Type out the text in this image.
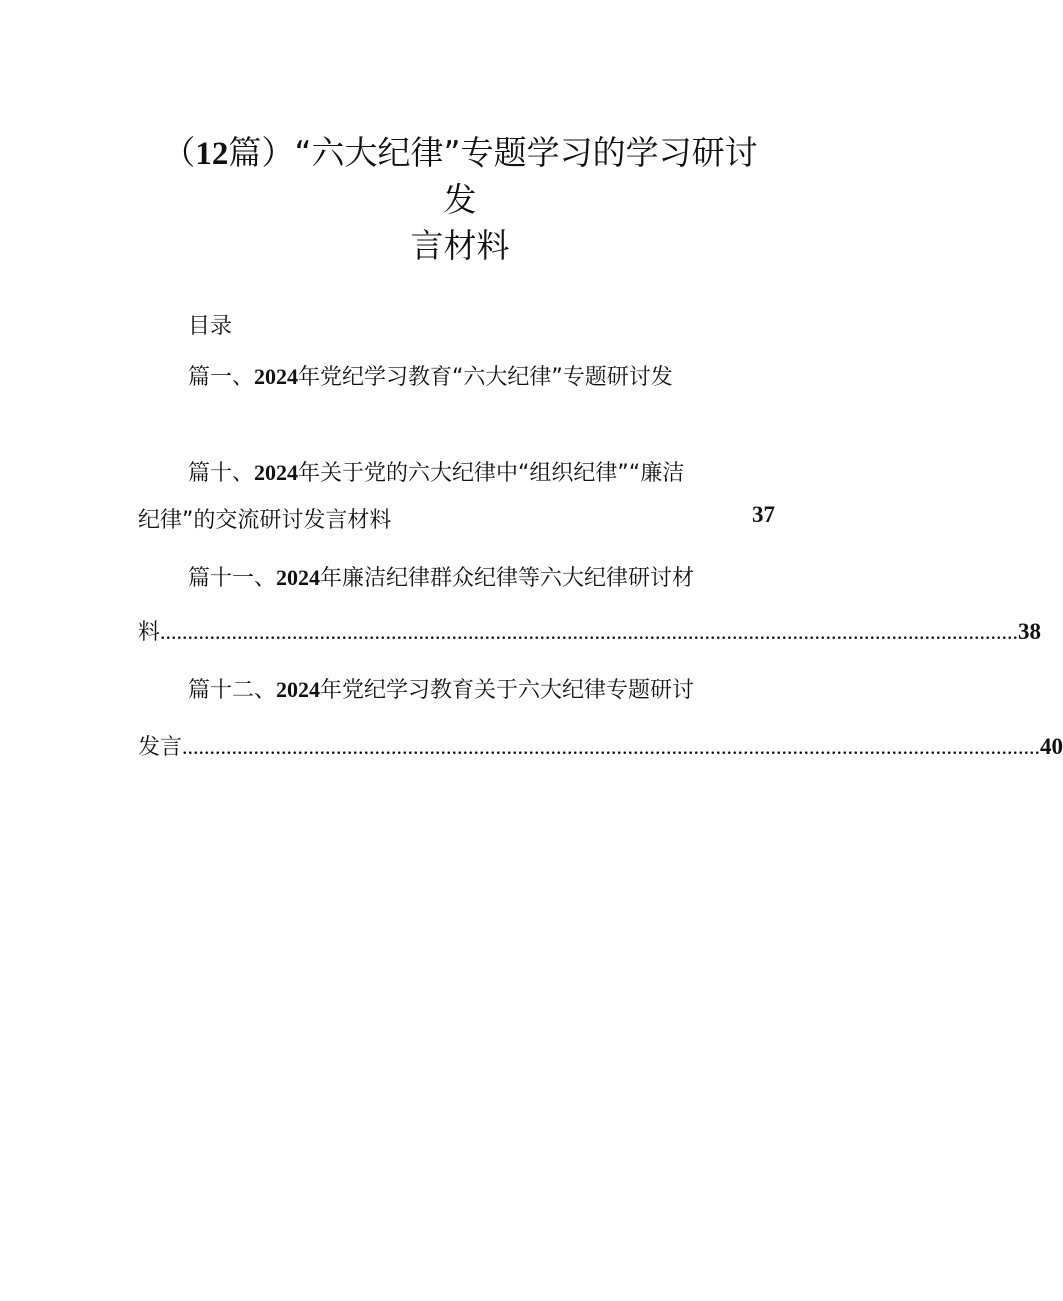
（12篇）“六大纪律”专题学习的学习研讨
发
言材料
目录
篇一、2024年党纪学习教育“六大纪律”专题研讨发
篇十、2024年关于党的六大纪律中“组织纪律”“廉洁
纪律”的交流研讨发言材料	37
篇十一、2024年廉洁纪律群众纪律等六大纪律研讨材
料 ............................................................................................................................................................ 38
篇十二、2024年党纪学习教育关于六大纪律专题研讨
发言 ............................................................................................................................................................ 40
